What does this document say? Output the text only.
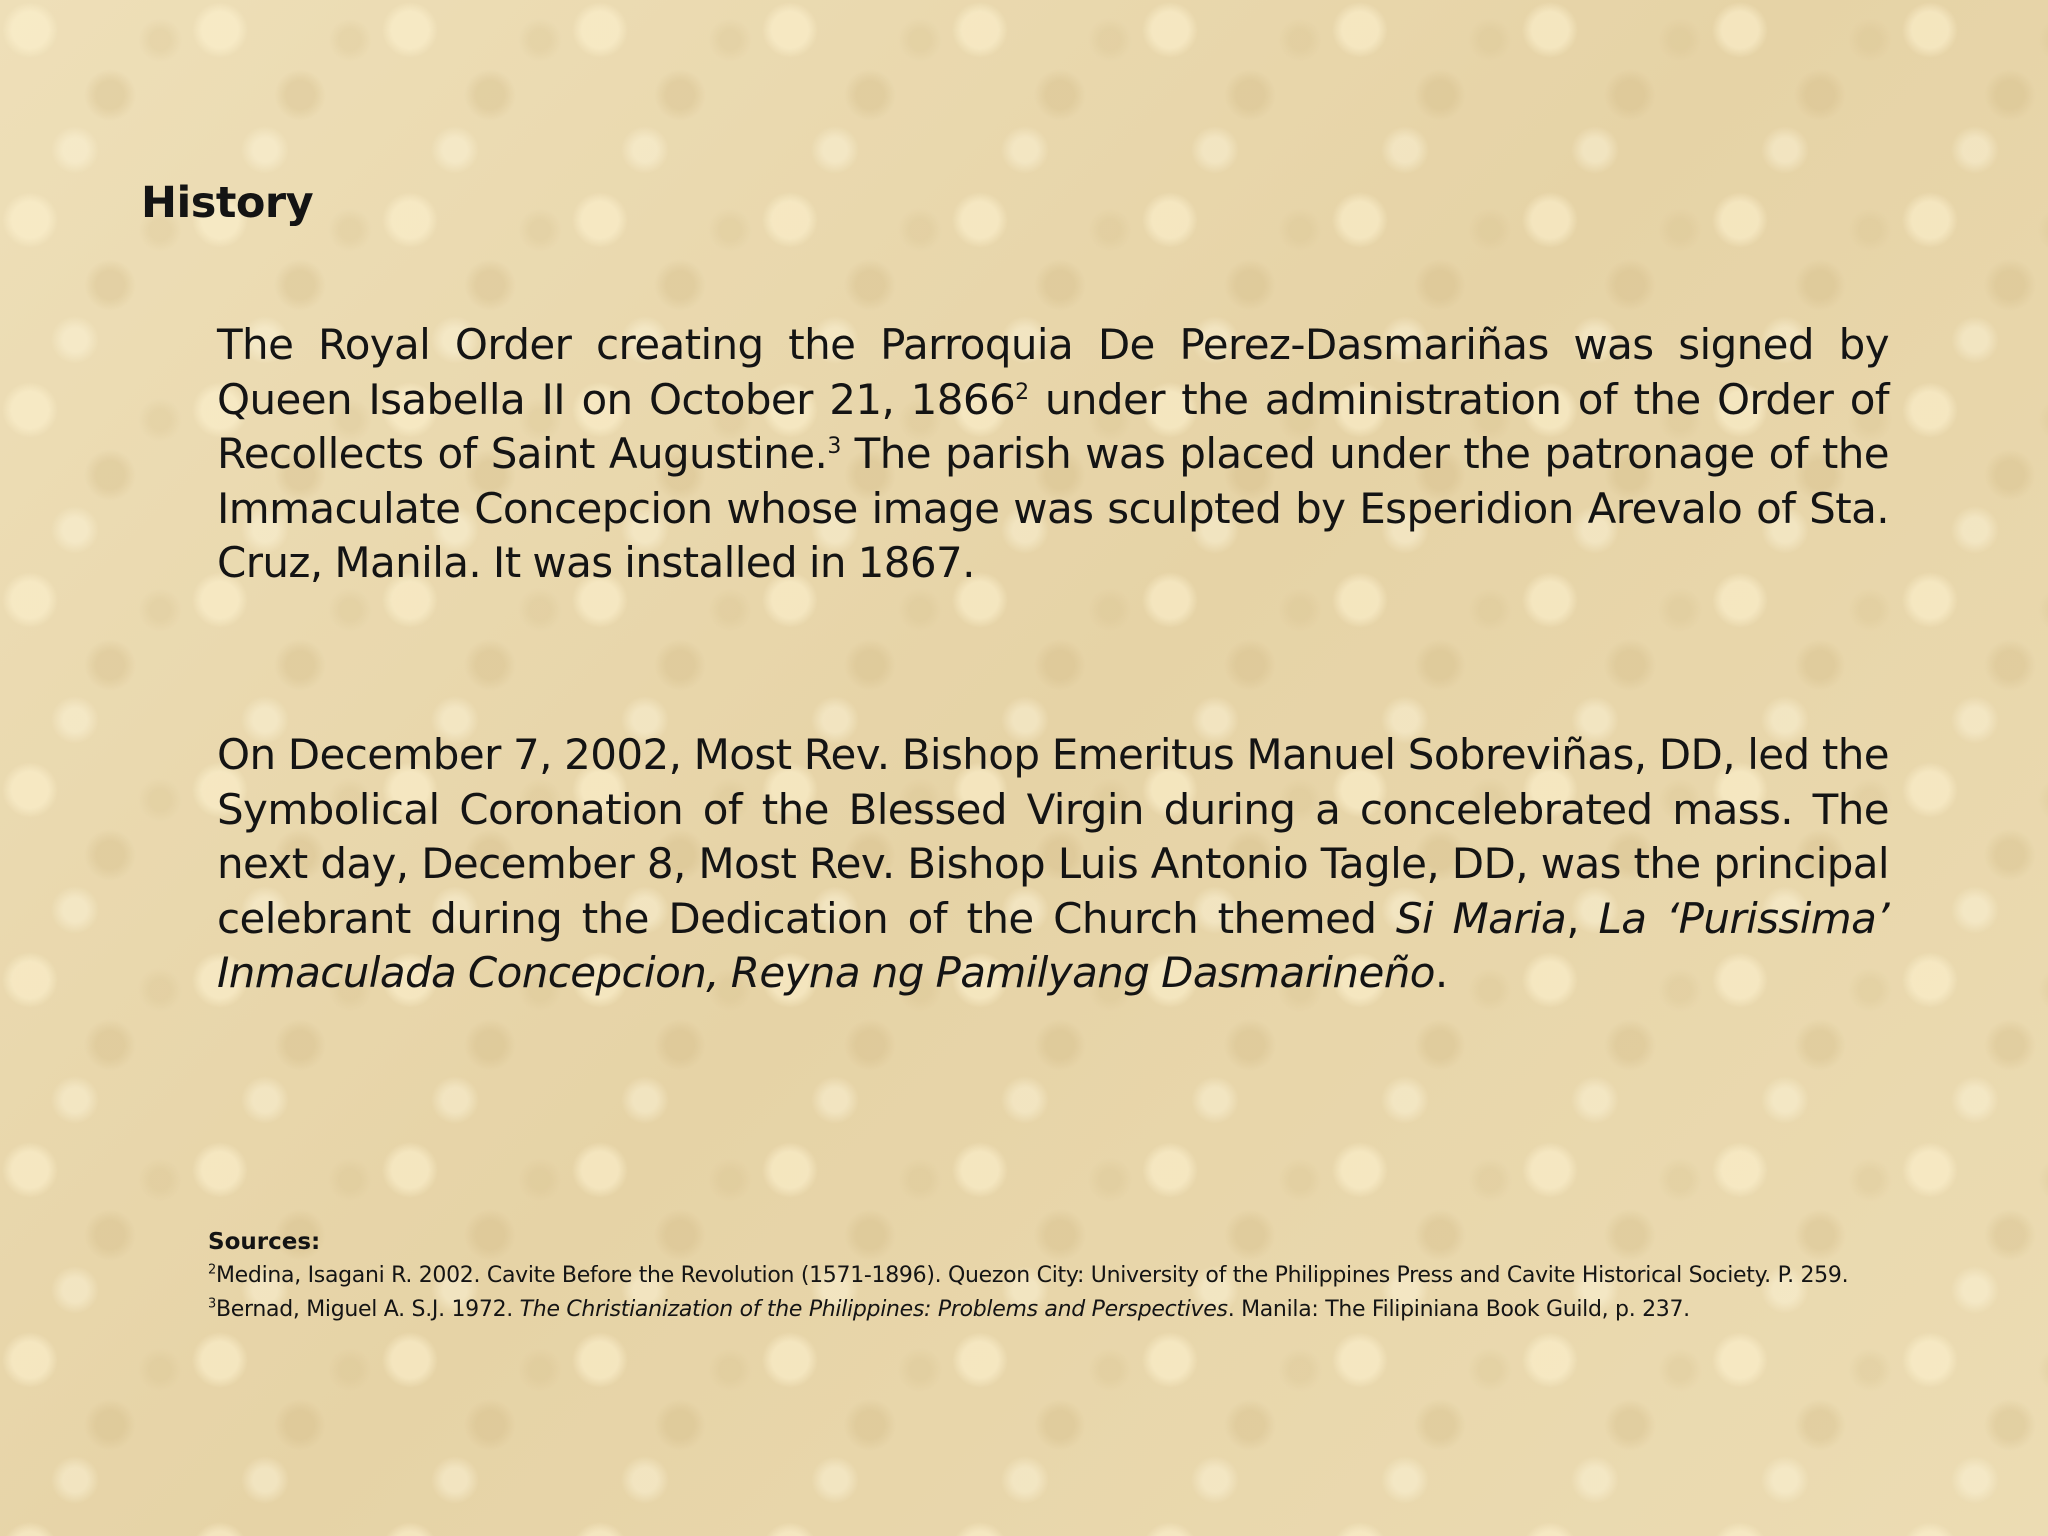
History

The Royal Order creating the Parroquia De Perez-Dasmariñas was signed by Queen Isabella II on October 21, 1866$^2$ under the administration of the Order of Recollects of Saint Augustine.$^3$ The parish was placed under the patronage of the Immaculate Concepcion whose image was sculpted by Esperidion Arevalo of Sta. Cruz, Manila. It was installed in 1867.

On December 7, 2002, Most Rev. Bishop Emeritus Manuel Sobreviñas, DD, led the Symbolical Coronation of the Blessed Virgin during a concelebrated mass. The next day, December 8, Most Rev. Bishop Luis Antonio Tagle, DD, was the principal celebrant during the Dedication of the Church themed Si Maria, La ‘Purissima’ Inmaculada Concepcion, Reyna ng Pamilyang Dasmarineño.

Sources:

$^2$Medina, Isagani R. 2002. Cavite Before the Revolution (1571-1896). Quezon City: University of the Philippines Press and Cavite Historical Society. P. 259.

$^3$Bernad, Miguel A. S.J. 1972. The Christianization of the Philippines: Problems and Perspectives. Manila: The Filipiniana Book Guild, p. 237.
